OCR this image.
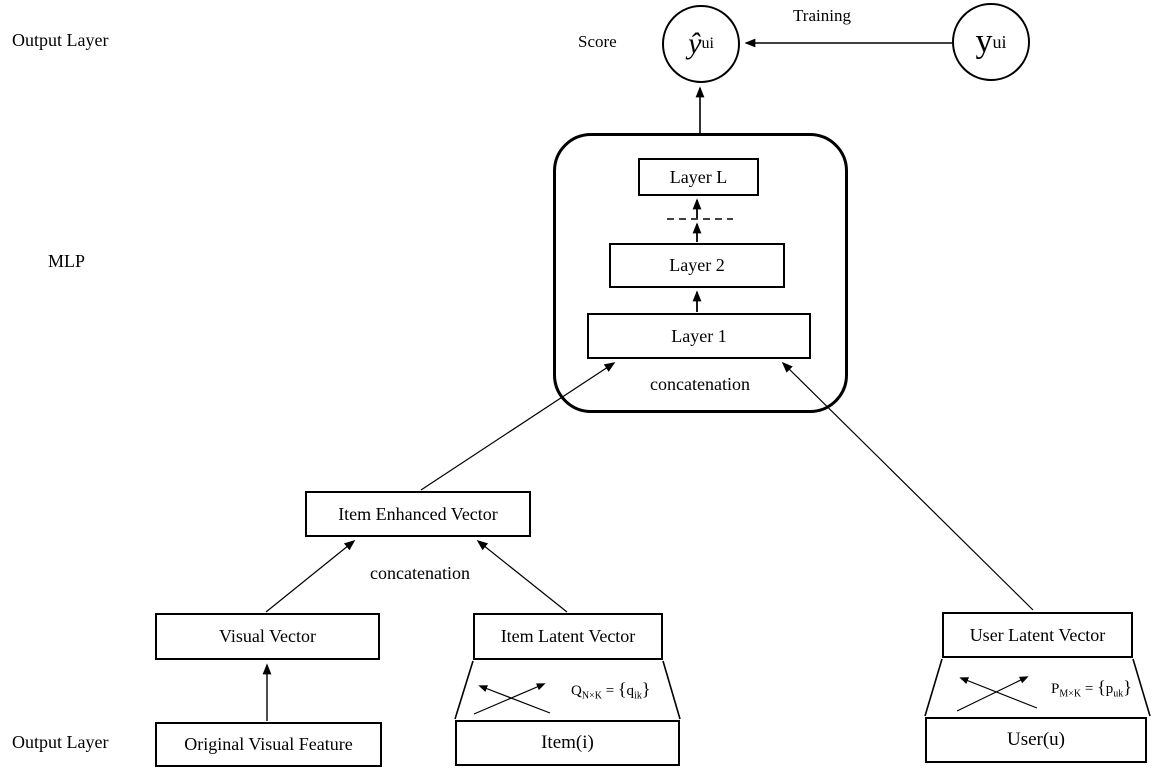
Output Layer
MLP
Output Layer
Score
Training
ŷ ui	y ui
Layer L
Layer 2
Layer 1
concatenation
Item Enhanced Vector
concatenation
Visual Vector	Item Latent Vector	User Latent Vector
Original Visual Feature	Item(i)	User(u)
$Q_{N\times K} = \{q_{ik}\}$	$P_{M\times K} = \{p_{uk}\}$
